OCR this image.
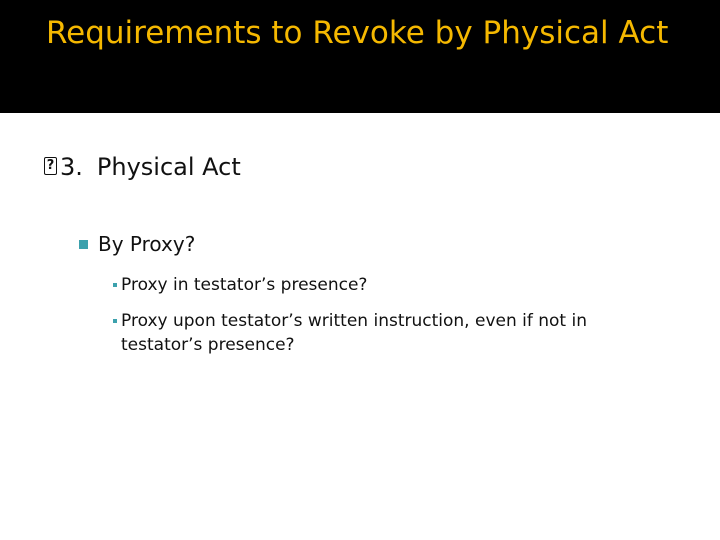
Requirements to Revoke by Physical Act
?
3. Physical Act
By Proxy?
Proxy in testator’s presence?
Proxy upon testator’s written instruction, even if not in testator’s presence?
